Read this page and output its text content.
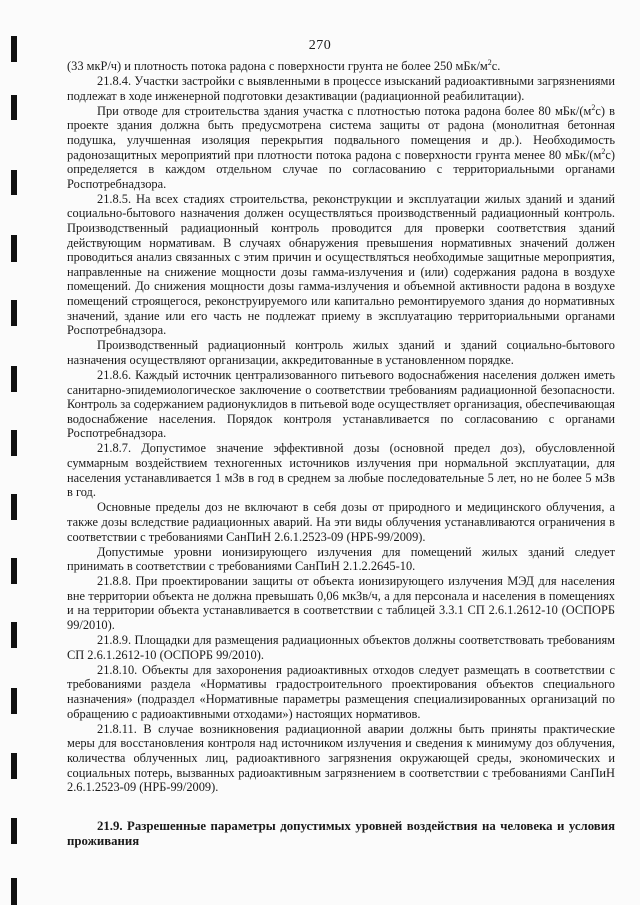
270

(33 мкР/ч) и плотность потока радона с поверхности грунта не более 250 мБк/$м^2с$.

21.8.4. Участки застройки с выявленными в процессе изысканий радиоактивными загрязнениями подлежат в ходе инженерной подготовки дезактивации (радиационной реабилитации).

При отводе для строительства здания участка с плотностью потока радона более 80 мБк/$(м^2с)$ в проекте здания должна быть предусмотрена система защиты от радона (монолитная бетонная подушка, улучшенная изоляция перекрытия подвального помещения и др.). Необходимость радонозащитных мероприятий при плотности потока радона с поверхности грунта менее 80 мБк/$(м^2с)$ определяется в каждом отдельном случае по согласованию с территориальными органами Роспотребнадзора.

21.8.5. На всех стадиях строительства, реконструкции и эксплуатации жилых зданий и зданий социально-бытового назначения должен осуществляться производственный радиационный контроль. Производственный радиационный контроль проводится для проверки соответствия зданий действующим нормативам. В случаях обнаружения превышения нормативных значений должен проводиться анализ связанных с этим причин и осуществляться необходимые защитные мероприятия, направленные на снижение мощности дозы гамма-излучения и (или) содержания радона в воздухе помещений. До снижения мощности дозы гамма-излучения и объемной активности радона в воздухе помещений строящегося, реконструируемого или капитально ремонтируемого здания до нормативных значений, здание или его часть не подлежат приему в эксплуатацию территориальными органами Роспотребнадзора.

Производственный радиационный контроль жилых зданий и зданий социально-бытового назначения осуществляют организации, аккредитованные в установленном порядке.

21.8.6. Каждый источник централизованного питьевого водоснабжения населения должен иметь санитарно-эпидемиологическое заключение о соответствии требованиям радиационной безопасности. Контроль за содержанием радионуклидов в питьевой воде осуществляет организация, обеспечивающая водоснабжение населения. Порядок контроля устанавливается по согласованию с органами Роспотребнадзора.

21.8.7. Допустимое значение эффективной дозы (основной предел доз), обусловленной суммарным воздействием техногенных источников излучения при нормальной эксплуатации, для населения устанавливается 1 мЗв в год в среднем за любые последовательные 5 лет, но не более 5 мЗв в год.

Основные пределы доз не включают в себя дозы от природного и медицинского облучения, а также дозы вследствие радиационных аварий. На эти виды облучения устанавливаются ограничения в соответствии с требованиями СанПиН 2.6.1.2523-09 (НРБ-99/2009).

Допустимые уровни ионизирующего излучения для помещений жилых зданий следует принимать в соответствии с требованиями СанПиН 2.1.2.2645-10.

21.8.8. При проектировании защиты от объекта ионизирующего излучения МЭД для населения вне территории объекта не должна превышать 0,06 мкЗв/ч, а для персонала и населения в помещениях и на территории объекта устанавливается в соответствии с таблицей 3.3.1 СП 2.6.1.2612-10 (ОСПОРБ 99/2010).

21.8.9. Площадки для размещения радиационных объектов должны соответствовать требованиям СП 2.6.1.2612-10 (ОСПОРБ 99/2010).

21.8.10. Объекты для захоронения радиоактивных отходов следует размещать в соответствии с требованиями раздела «Нормативы градостроительного проектирования объектов специального назначения» (подраздел «Нормативные параметры размещения специализированных организаций по обращению с радиоактивными отходами») настоящих нормативов.

21.8.11. В случае возникновения радиационной аварии должны быть приняты практические меры для восстановления контроля над источником излучения и сведения к минимуму доз облучения, количества облученных лиц, радиоактивного загрязнения окружающей среды, экономических и социальных потерь, вызванных радиоактивным загрязнением в соответствии с требованиями СанПиН 2.6.1.2523-09 (НРБ-99/2009).

21.9. Разрешенные параметры допустимых уровней воздействия на человека и условия проживания
